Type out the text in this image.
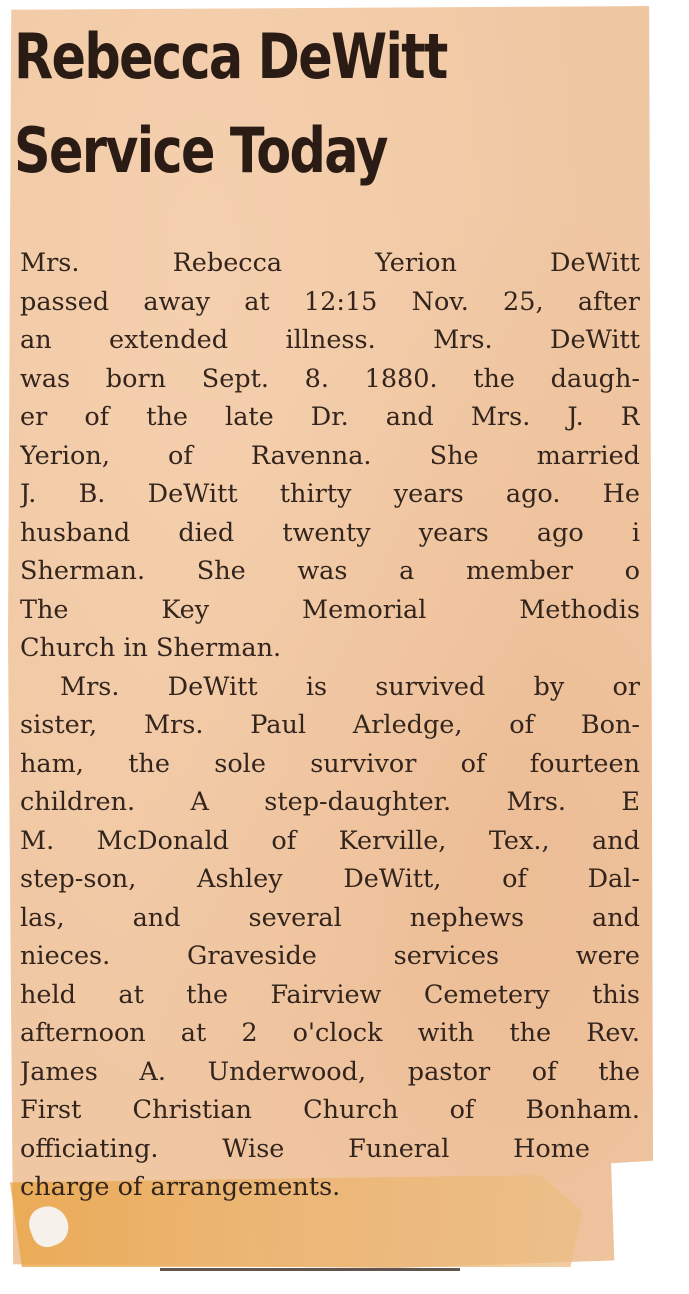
Rebecca DeWitt
Service Today
Mrs. Rebecca Yerion DeWitt
passed away at 12:15 Nov. 25, after
an extended illness. Mrs. DeWitt
was born Sept. 8. 1880. the daugh-
er of the late Dr. and Mrs. J. R
Yerion, of Ravenna. She married
J. B. DeWitt thirty years ago. He
husband died twenty years ago i
Sherman. She was a member o
The Key Memorial Methodis
Church in Sherman.
Mrs. DeWitt is survived by or
sister, Mrs. Paul Arledge, of Bon-
ham, the sole survivor of fourteen
children. A step-daughter. Mrs. E
M. McDonald of Kerville, Tex., and
step-son, Ashley DeWitt, of Dal-
las, and several nephews and
nieces. Graveside services were
held at the Fairview Cemetery this
afternoon at 2 o'clock with the Rev.
James A. Underwood, pastor of the
First Christian Church of Bonham.
officiating. Wise Funeral Home
charge of arrangements.
